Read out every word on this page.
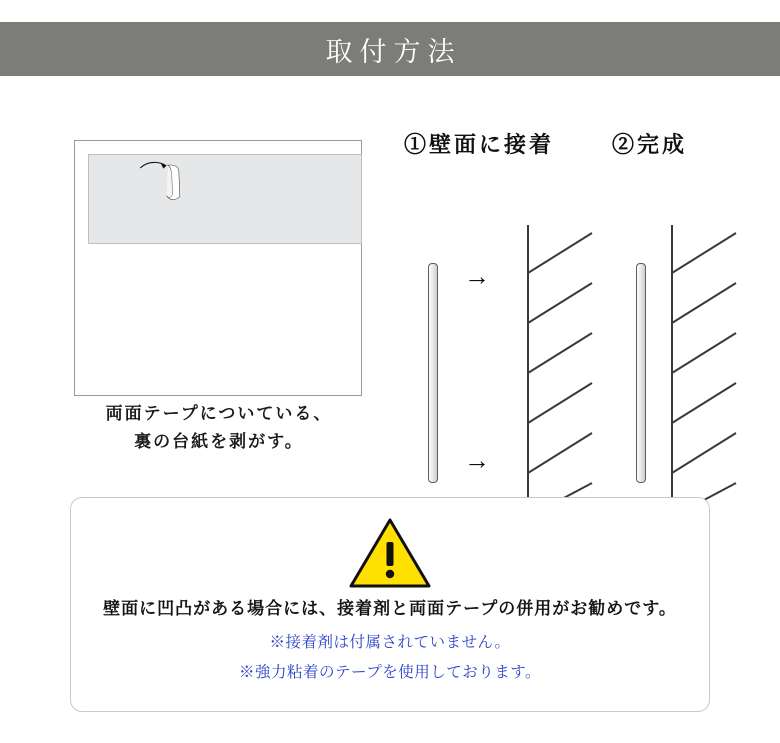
取付方法
両面テープについている、
裏の台紙を剥がす。
①壁面に接着
→
→
②完成
壁面に凹凸がある場合には、接着剤と両面テープの併用がお勧めです。
※接着剤は付属されていません。
※強力粘着のテープを使用しております。
